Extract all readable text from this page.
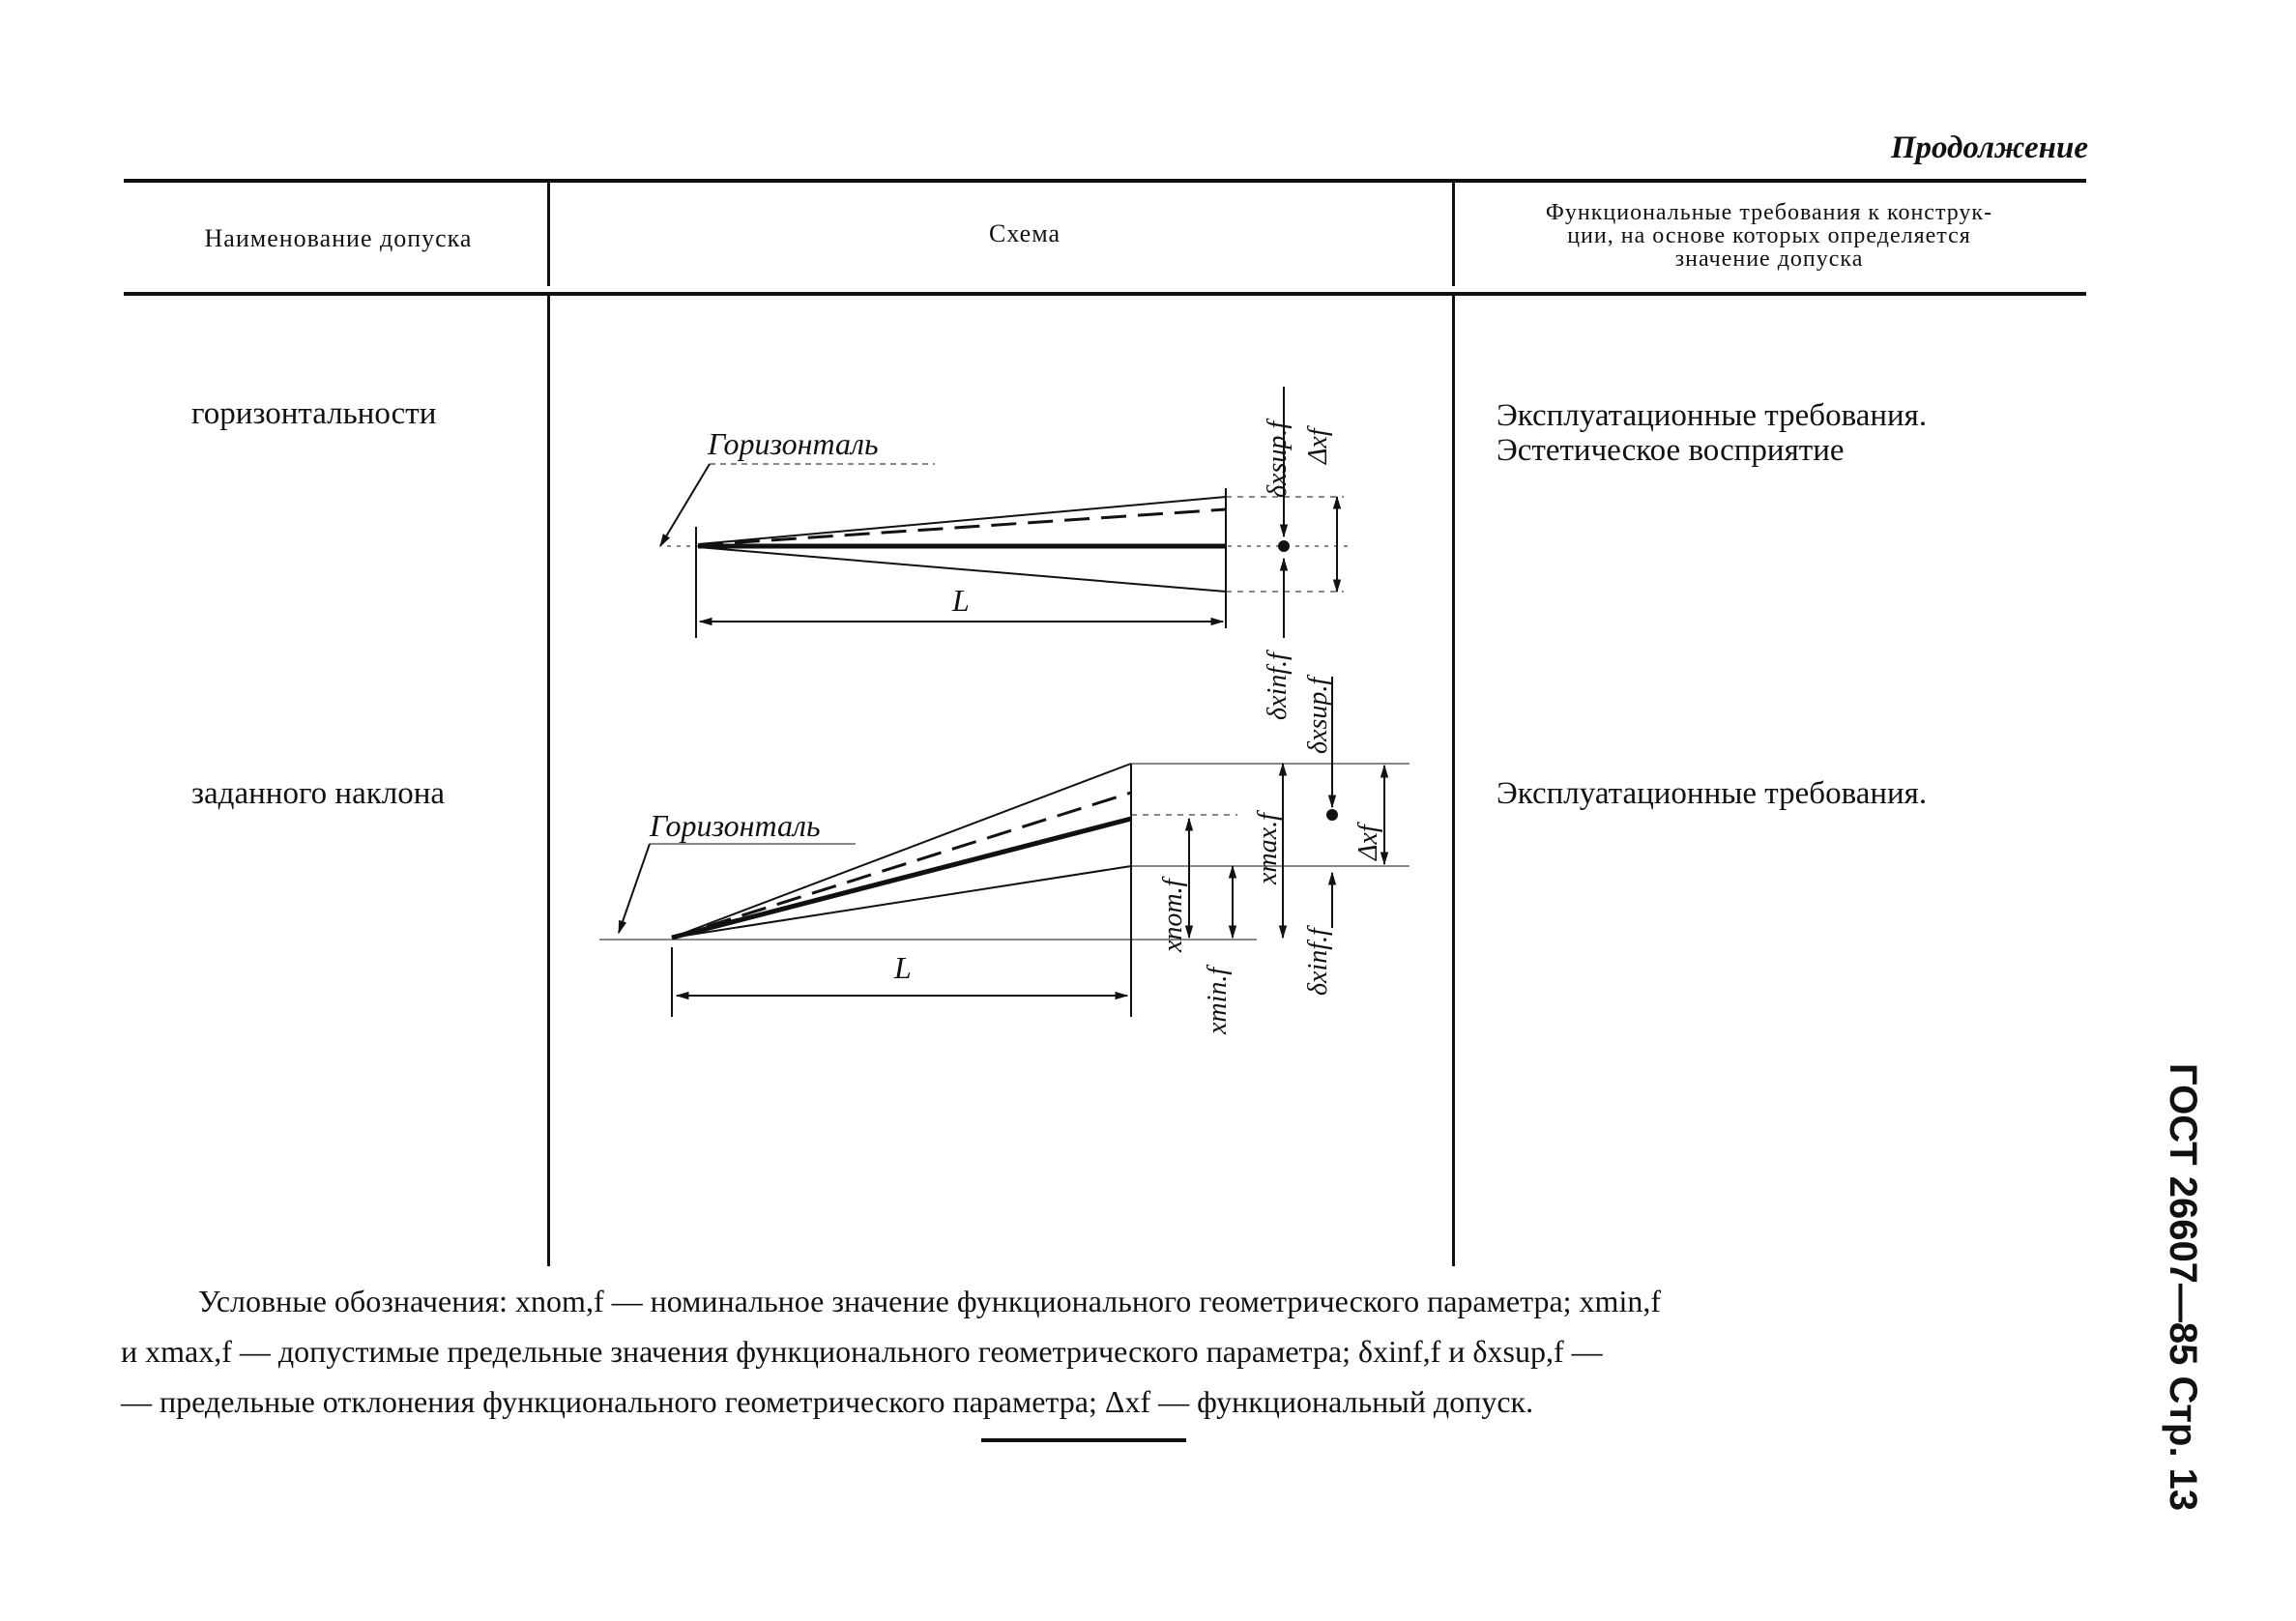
Продолжение
Наименование допуска	Схема
Функциональные требования к конструк-
ции, на основе которых определяется
значение допуска
горизонтальности	Эксплуатационные требования.
Эстетическое восприятие
заданного наклона	Эксплуатационные требования.
Горизонталь
L
δxsup.f Δxf
δxinf.f
Горизонталь
L
xnom.f
xmin.f
xmax.f
δxsup.f
δxinf.f
Δxf
Условные обозначения: xnom,f — номинальное значение функционального геометрического параметра; xmin,f
и xmax,f — допустимые предельные значения функционального геометрического параметра; δxinf,f и δxsup,f —
— предельные отклонения функционального геометрического параметра; Δxf — функциональный допуск.	ГОСТ 26607—85 Стр. 13
